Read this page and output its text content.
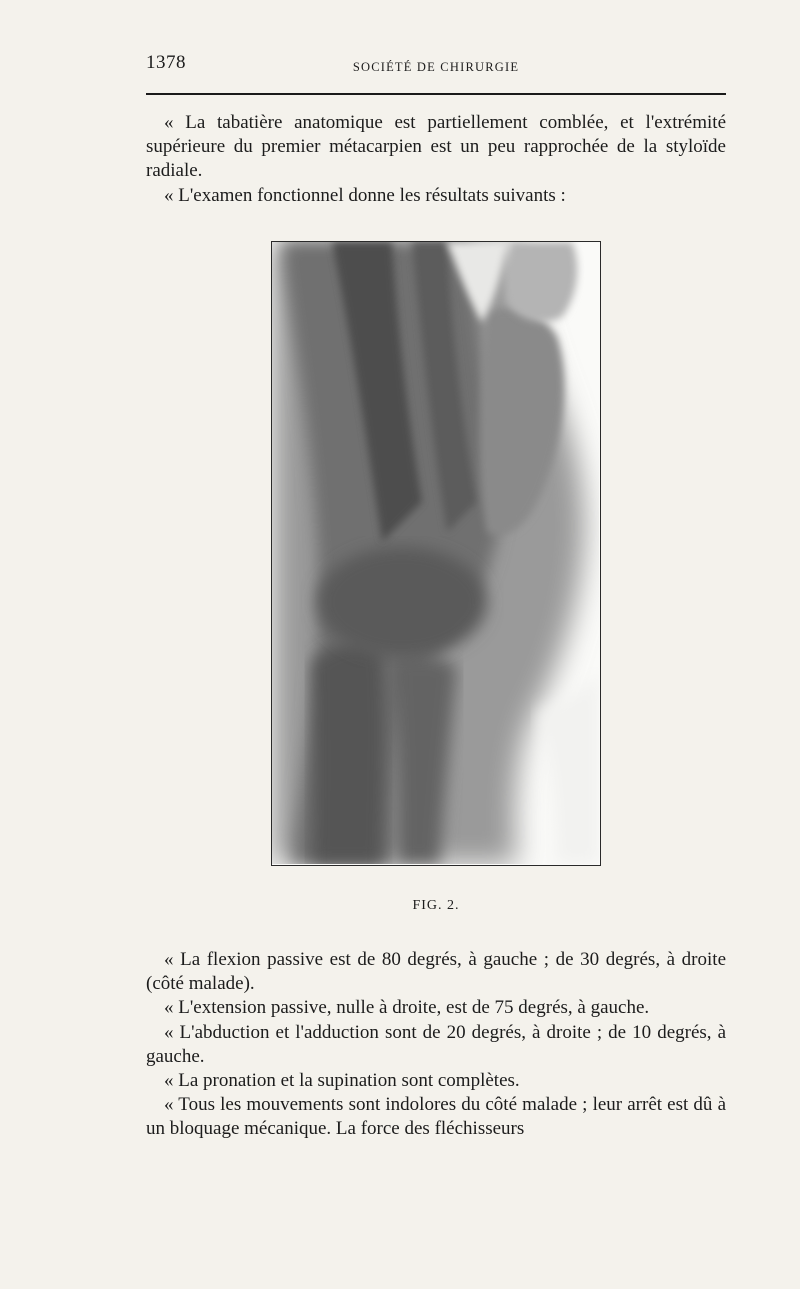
1378	SOCIÉTÉ DE CHIRURGIE

« La tabatière anatomique est partiellement comblée, et l'extrémité supérieure du premier métacarpien est un peu rapprochée de la styloïde radiale.

« L'examen fonctionnel donne les résultats suivants :

FIG. 2.

« La flexion passive est de 80 degrés, à gauche ; de 30 degrés, à droite (côté malade).

« L'extension passive, nulle à droite, est de 75 degrés, à gauche.

« L'abduction et l'adduction sont de 20 degrés, à droite ; de 10 degrés, à gauche.

« La pronation et la supination sont complètes.

« Tous les mouvements sont indolores du côté malade ; leur arrêt est dû à un bloquage mécanique. La force des fléchisseurs
